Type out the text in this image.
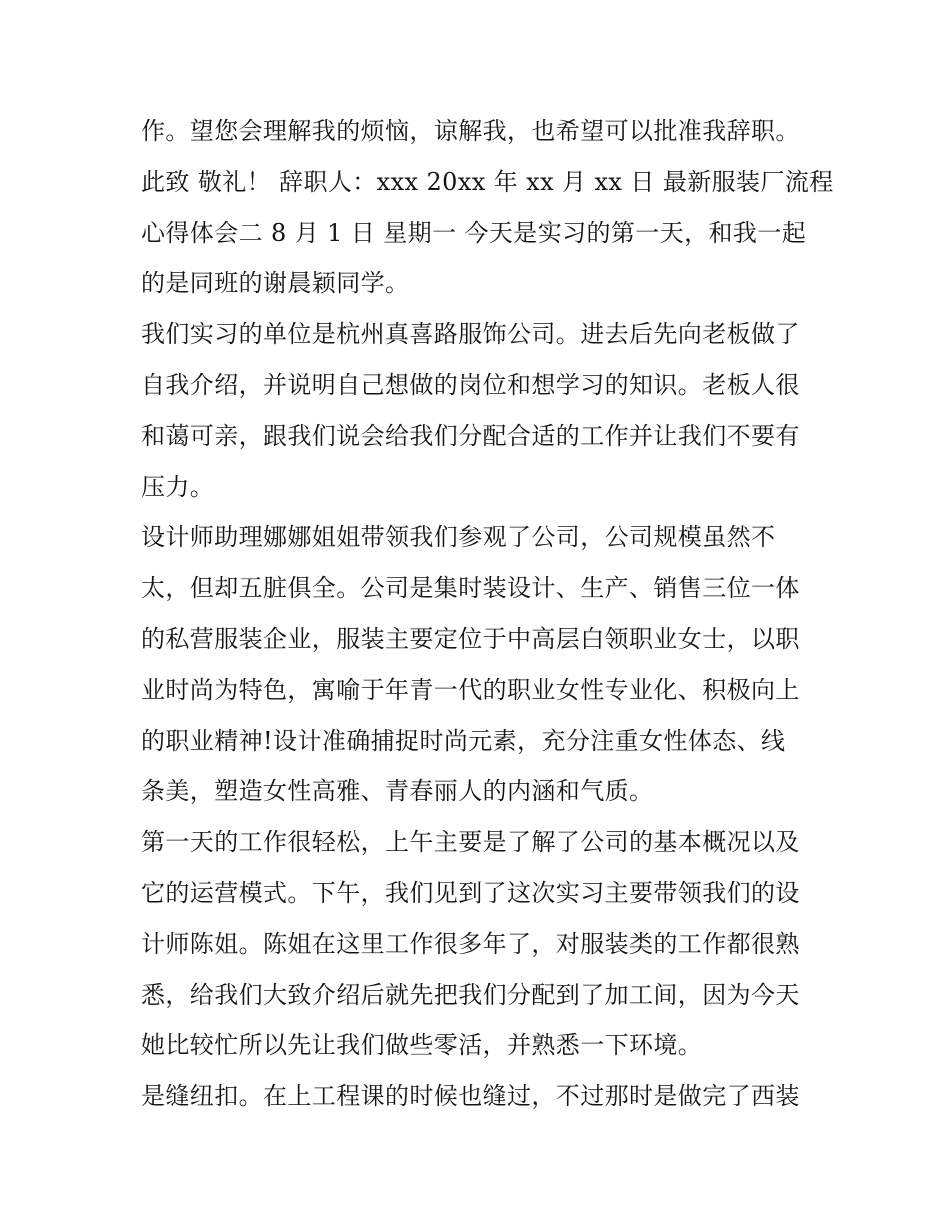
作。望您会理解我的烦恼，谅解我，也希望可以批准我辞职。
此致 敬礼！ 辞职人：xxx 20xx 年 xx 月 xx 日 最新服装厂流程
心得体会二 8 月 1 日 星期一 今天是实习的第一天，和我一起
的是同班的谢晨颖同学。
我们实习的单位是杭州真喜路服饰公司。进去后先向老板做了
自我介绍，并说明自己想做的岗位和想学习的知识。老板人很
和蔼可亲，跟我们说会给我们分配合适的工作并让我们不要有
压力。
设计师助理娜娜姐姐带领我们参观了公司，公司规模虽然不
太，但却五脏俱全。公司是集时装设计、生产、销售三位一体
的私营服装企业，服装主要定位于中高层白领职业女士，以职
业时尚为特色，寓喻于年青一代的职业女性专业化、积极向上
的职业精神!设计准确捕捉时尚元素，充分注重女性体态、线
条美，塑造女性高雅、青春丽人的内涵和气质。
第一天的工作很轻松，上午主要是了解了公司的基本概况以及
它的运营模式。下午，我们见到了这次实习主要带领我们的设
计师陈姐。陈姐在这里工作很多年了，对服装类的工作都很熟
悉，给我们大致介绍后就先把我们分配到了加工间，因为今天
她比较忙所以先让我们做些零活，并熟悉一下环境。
是缝纽扣。在上工程课的时候也缝过，不过那时是做完了西装
